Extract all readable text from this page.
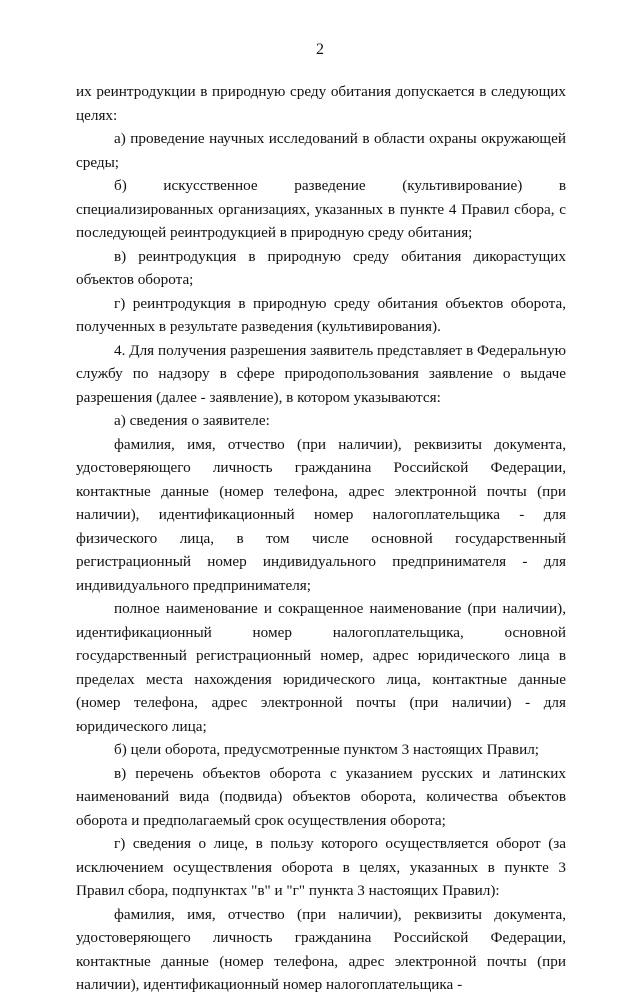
2

их реинтродукции в природную среду обитания допускается в следующих целях:

а) проведение научных исследований в области охраны окружающей среды;

б) искусственное разведение (культивирование) в специализированных организациях, указанных в пункте 4 Правил сбора, с последующей реинтродукцией в природную среду обитания;

в) реинтродукция в природную среду обитания дикорастущих объектов оборота;

г) реинтродукция в природную среду обитания объектов оборота, полученных в результате разведения (культивирования).

4. Для получения разрешения заявитель представляет в Федеральную службу по надзору в сфере природопользования заявление о выдаче разрешения (далее - заявление), в котором указываются:

а) сведения о заявителе:

фамилия, имя, отчество (при наличии), реквизиты документа, удостоверяющего личность гражданина Российской Федерации, контактные данные (номер телефона, адрес электронной почты (при наличии), идентификационный номер налогоплательщика - для физического лица, в том числе основной государственный регистрационный номер индивидуального предпринимателя - для индивидуального предпринимателя;

полное наименование и сокращенное наименование (при наличии), идентификационный номер налогоплательщика, основной государственный регистрационный номер, адрес юридического лица в пределах места нахождения юридического лица, контактные данные (номер телефона, адрес электронной почты (при наличии) - для юридического лица;

б) цели оборота, предусмотренные пунктом 3 настоящих Правил;

в) перечень объектов оборота с указанием русских и латинских наименований вида (подвида) объектов оборота, количества объектов оборота и предполагаемый срок осуществления оборота;

г) сведения о лице, в пользу которого осуществляется оборот (за исключением осуществления оборота в целях, указанных в пункте 3 Правил сбора, подпунктах "в" и "г" пункта 3 настоящих Правил):

фамилия, имя, отчество (при наличии), реквизиты документа, удостоверяющего личность гражданина Российской Федерации, контактные данные (номер телефона, адрес электронной почты (при наличии), идентификационный номер налогоплательщика -
